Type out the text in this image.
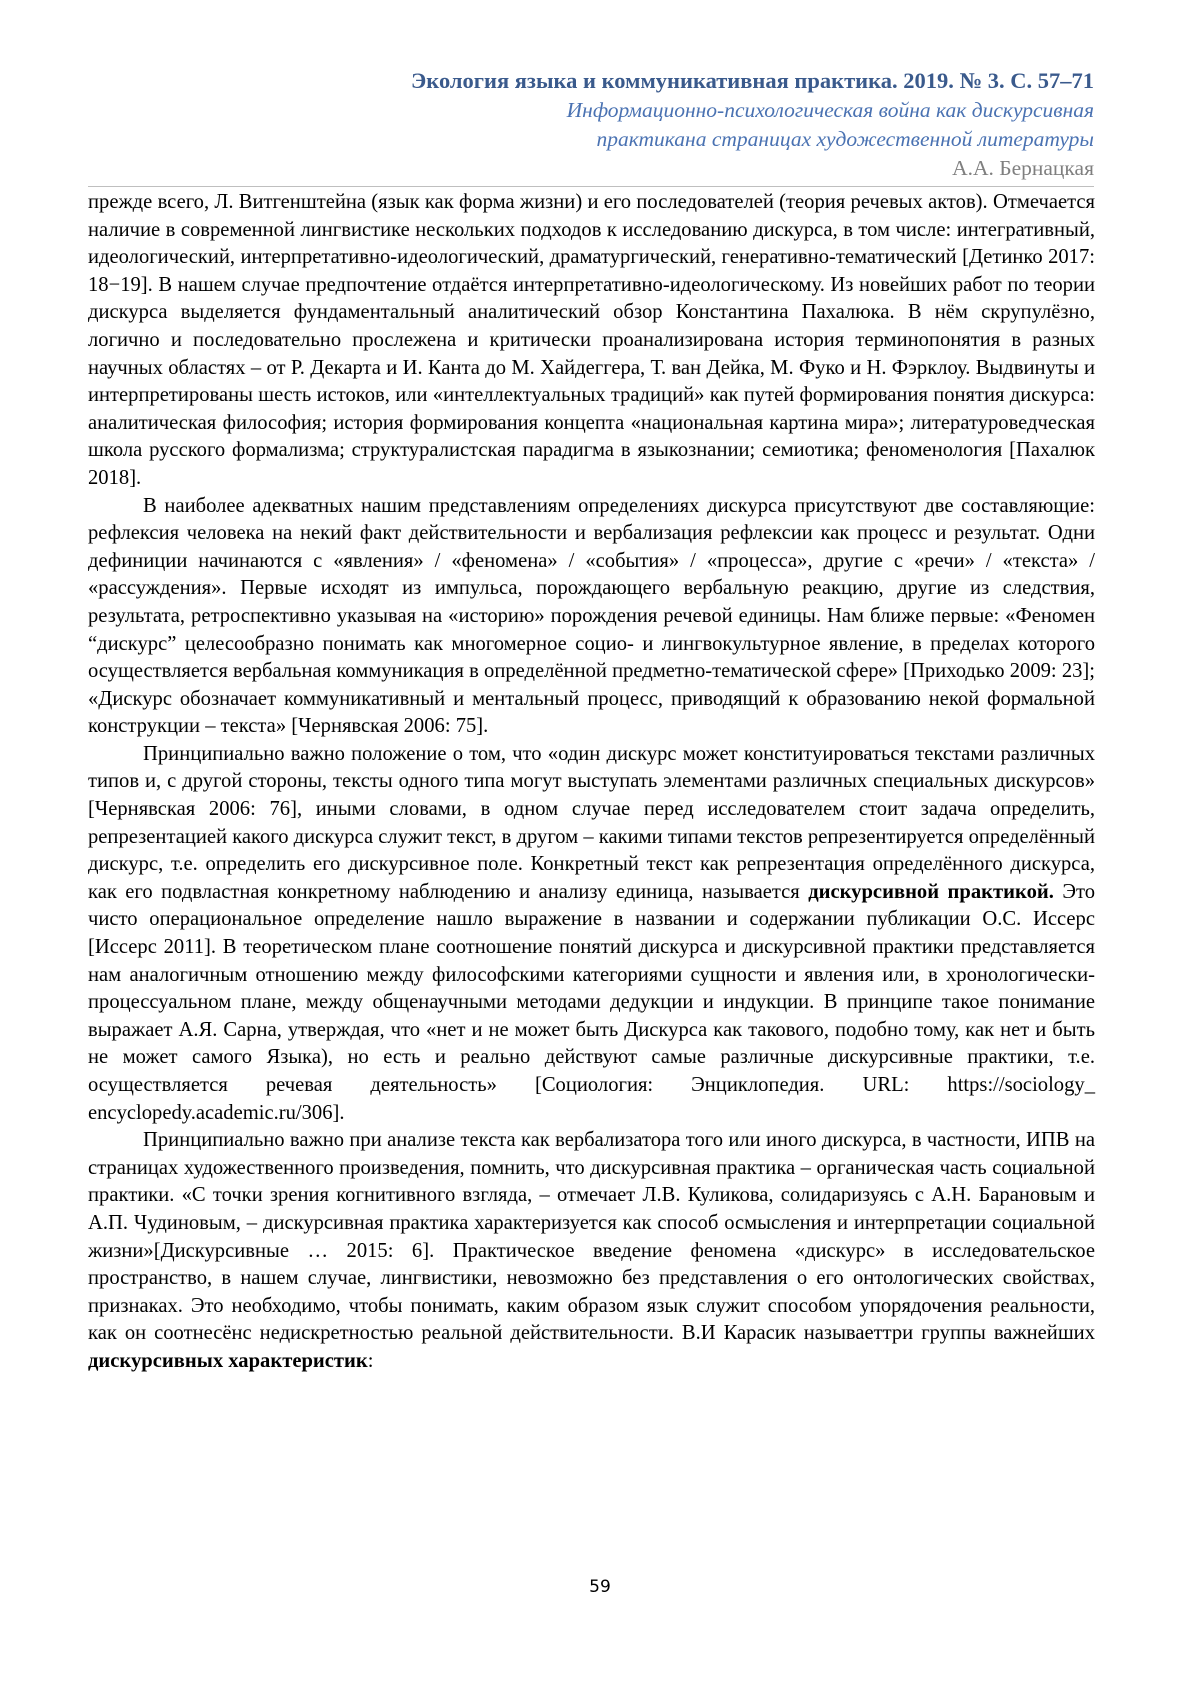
Экология языка и коммуникативная практика. 2019. № 3. С. 57–71
Информационно-психологическая война как дискурсивная
практикана страницах художественной литературы
А.А. Бернацкая

прежде всего, Л. Витгенштейна (язык как форма жизни) и его последователей (теория речевых актов). Отмечается наличие в современной лингвистике нескольких подходов к исследованию дискурса, в том числе: интегративный, идеологический, интерпретативно-идеологический, драматургический, генеративно-тематический [Детинко 2017: 18−19]. В нашем случае предпочтение отдаётся интерпретативно-идеологическому. Из новейших работ по теории дискурса выделяется фундаментальный аналитический обзор Константина Пахалюка. В нём скрупулёзно, логично и последовательно прослежена и критически проанализирована история терминопонятия в разных научных областях – от Р. Декарта и И. Канта до М. Хайдеггера, Т. ван Дейка, М. Фуко и Н. Фэрклоу. Выдвинуты и интерпретированы шесть истоков, или «интеллектуальных традиций» как путей формирования понятия дискурса: аналитическая философия; история формирования концепта «национальная картина мира»; литературоведческая школа русского формализма; структуралистская парадигма в языкознании; семиотика; феноменология [Пахалюк 2018].

В наиболее адекватных нашим представлениям определениях дискурса присутствуют две составляющие: рефлексия человека на некий факт действительности и вербализация рефлексии как процесс и результат. Одни дефиниции начинаются с «явления» / «феномена» / «события» / «процесса», другие с «речи» / «текста» / «рассуждения». Первые исходят из импульса, порождающего вербальную реакцию, другие из следствия, результата, ретроспективно указывая на «историю» порождения речевой единицы. Нам ближе первые: «Феномен “дискурс” целесообразно понимать как многомерное социо- и лингвокультурное явление, в пределах которого осуществляется вербальная коммуникация в определённой предметно-тематической сфере» [Приходько 2009: 23]; «Дискурс обозначает коммуникативный и ментальный процесс, приводящий к образованию некой формальной конструкции – текста» [Чернявская 2006: 75].

Принципиально важно положение о том, что «один дискурс может конституироваться текстами различных типов и, с другой стороны, тексты одного типа могут выступать элементами различных специальных дискурсов» [Чернявская 2006: 76], иными словами, в одном случае перед исследователем стоит задача определить, репрезентацией какого дискурса служит текст, в другом – какими типами текстов репрезентируется определённый дискурс, т.е. определить его дискурсивное поле. Конкретный текст как репрезентация определённого дискурса, как его подвластная конкретному наблюдению и анализу единица, называется дискурсивной практикой. Это чисто операциональное определение нашло выражение в названии и содержании публикации О.С. Иссерс [Иссерс 2011]. В теоретическом плане соотношение понятий дискурса и дискурсивной практики представляется нам аналогичным отношению между философскими категориями сущности и явления или, в хронологически-процессуальном плане, между общенаучными методами дедукции и индукции. В принципе такое понимание выражает А.Я. Сарна, утверждая, что «нет и не может быть Дискурса как такового, подобно тому, как нет и быть не может самого Языка), но есть и реально действуют самые различные дискурсивные практики, т.е. осуществляется речевая деятельность» [Социология: Энциклопедия. URL: https://sociology_ encyclopedy.academic.ru/306].

Принципиально важно при анализе текста как вербализатора того или иного дискурса, в частности, ИПВ на страницах художественного произведения, помнить, что дискурсивная практика – органическая часть социальной практики. «С точки зрения когнитивного взгляда, – отмечает Л.В. Куликова, солидаризуясь с А.Н. Барановым и А.П. Чудиновым, – дискурсивная практика характеризуется как способ осмысления и интерпретации социальной жизни»[Дискурсивные … 2015: 6]. Практическое введение феномена «дискурс» в исследовательское пространство, в нашем случае, лингвистики, невозможно без представления о его онтологических свойствах, признаках. Это необходимо, чтобы понимать, каким образом язык служит способом упорядочения реальности, как он соотнесёнс недискретностью реальной действительности. В.И Карасик называеттри группы важнейших дискурсивных характеристик:

59
